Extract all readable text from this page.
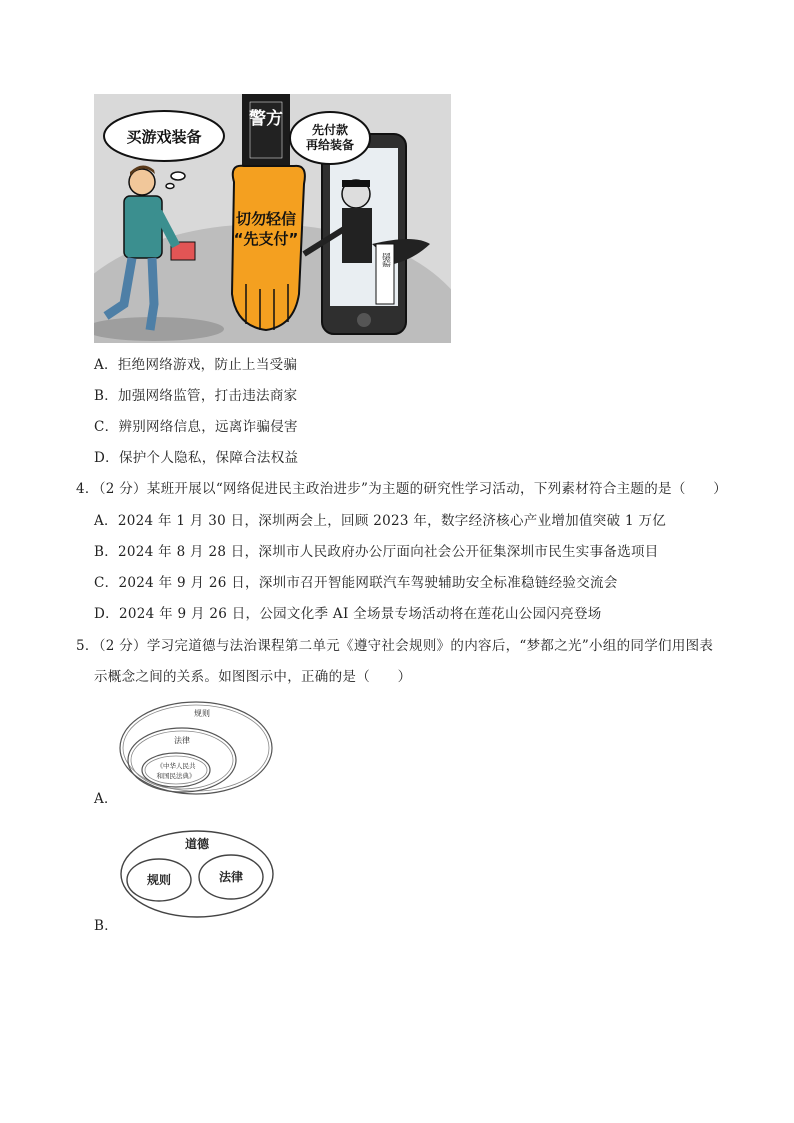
买游戏装备
警方
切勿轻信
“先支付”
先付款
再给装备
A．拒绝网络游戏，防止上当受骗
B．加强网络监管，打击违法商家
C．辨别网络信息，远离诈骗侵害
D．保护个人隐私，保障合法权益
4．（2 分）某班开展以“网络促进民主政治进步”为主题的研究性学习活动，下列素材符合主题的是（　　）
A．2024 年 1 月 30 日，深圳两会上，回顾 2023 年，数字经济核心产业增加值突破 1 万亿
B．2024 年 8 月 28 日，深圳市人民政府办公厅面向社会公开征集深圳市民生实事备选项目
C．2024 年 9 月 26 日，深圳市召开智能网联汽车驾驶辅助安全标准稳链经验交流会
D．2024 年 9 月 26 日，公园文化季 AI 全场景专场活动将在莲花山公园闪亮登场
5．（2 分）学习完道德与法治课程第二单元《遵守社会规则》的内容后，“梦都之光”小组的同学们用图表
示概念之间的关系。如图图示中，正确的是（　　）
规则
法律
《中华人民共
和国民法典》
A．
道德
规则	法律
B．
